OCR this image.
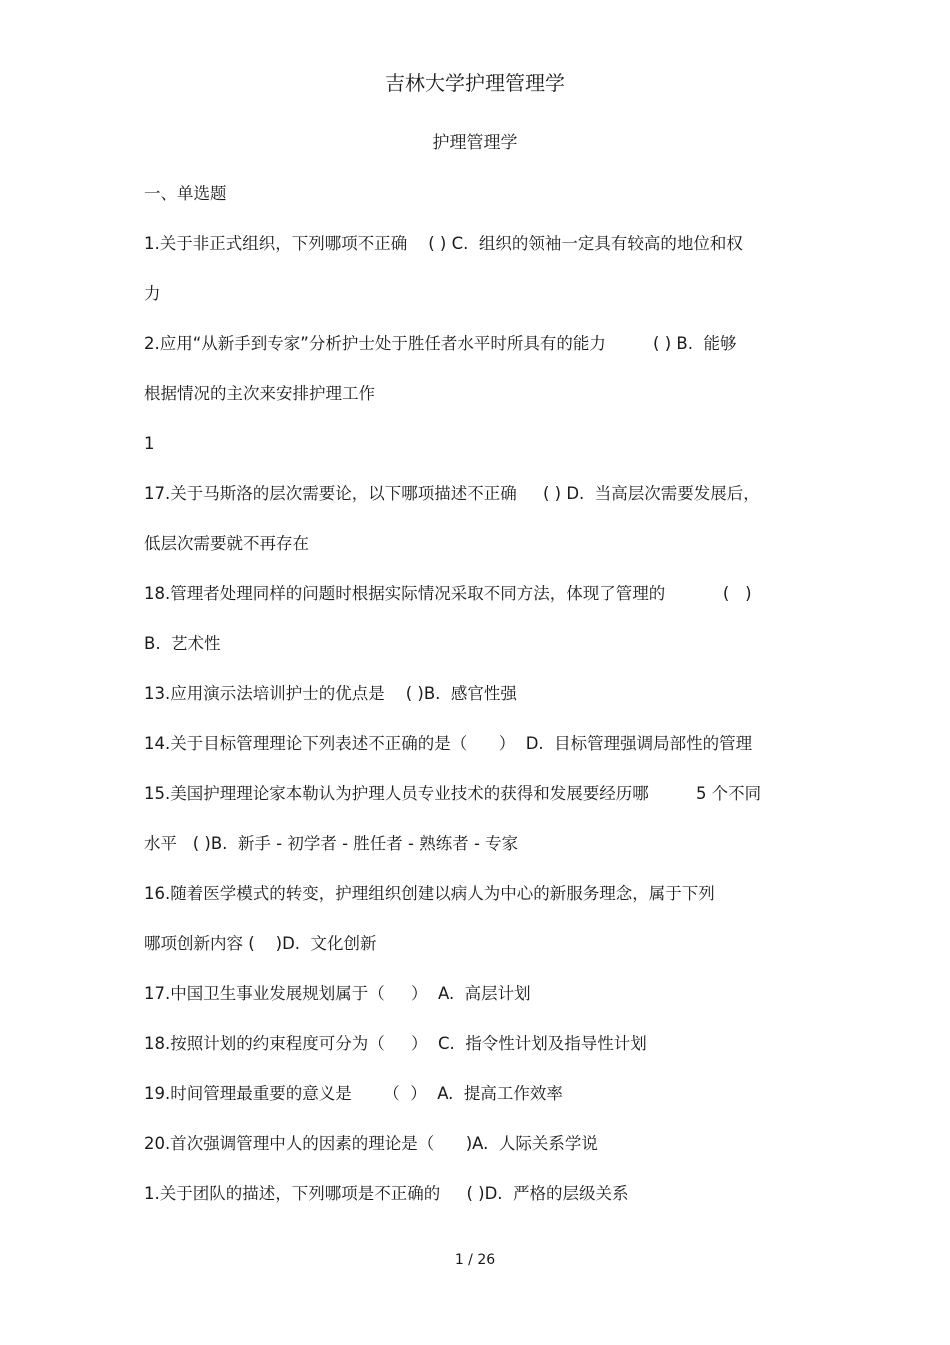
吉林大学护理管理学
护理管理学
一、单选题
1.关于非正式组织，下列哪项不正确    ( ) C.  组织的领袖一定具有较高的地位和权
力
2.应用“从新手到专家”分析护士处于胜任者水平时所具有的能力         ( ) B.  能够
根据情况的主次来安排护理工作
1
17.关于马斯洛的层次需要论，以下哪项描述不正确     ( ) D.  当高层次需要发展后，
低层次需要就不再存在
18.管理者处理同样的问题时根据实际情况采取不同方法，体现了管理的           (   )
B.  艺术性
13.应用演示法培训护士的优点是    ( )B.  感官性强
14.关于目标管理理论下列表述不正确的是（      ）  D.  目标管理强调局部性的管理
15.美国护理理论家本勒认为护理人员专业技术的获得和发展要经历哪         5 个不同
水平   ( )B.  新手 - 初学者 - 胜任者 - 熟练者 - 专家
16.随着医学模式的转变，护理组织创建以病人为中心的新服务理念，属于下列
哪项创新内容 (    )D.  文化创新
17.中国卫生事业发展规划属于（     ）  A.  高层计划
18.按照计划的约束程度可分为（     ）  C.  指令性计划及指导性计划
19.时间管理最重要的意义是      （  ）  A.  提高工作效率
20.首次强调管理中人的因素的理论是（      )A.  人际关系学说
1.关于团队的描述，下列哪项是不正确的     ( )D.  严格的层级关系
1 / 26
